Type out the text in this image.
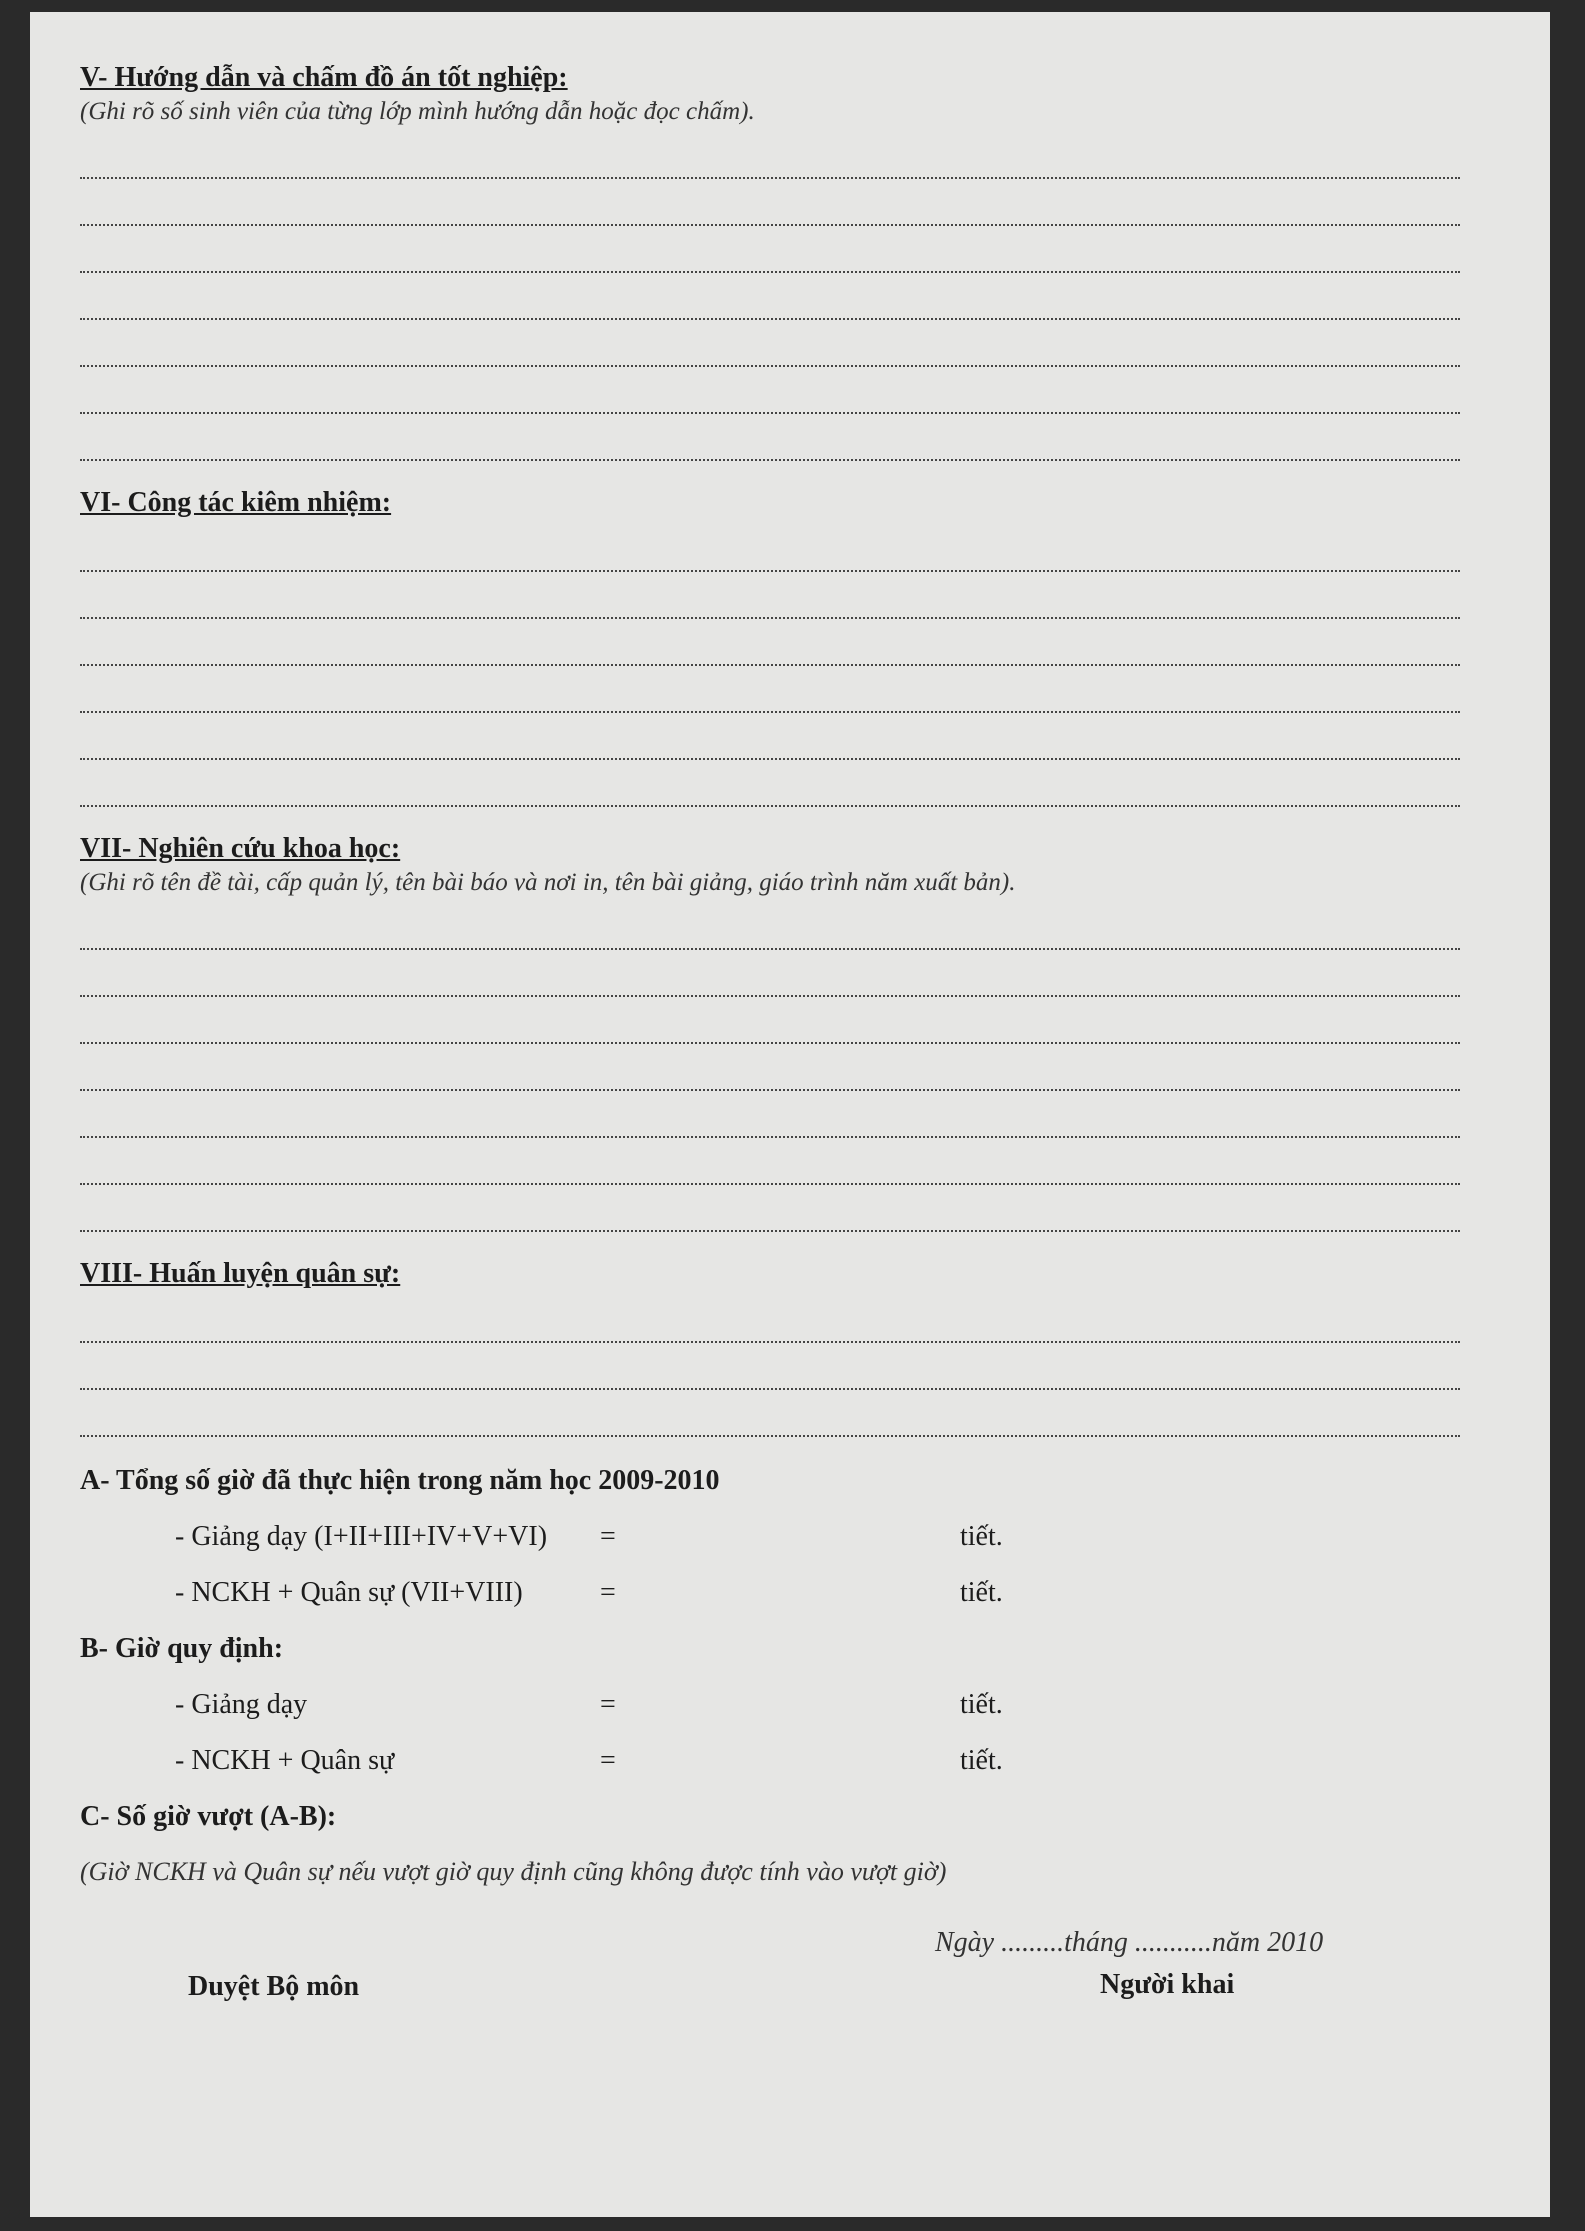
V- Hướng dẫn và chấm đồ án tốt nghiệp:

(Ghi rõ số sinh viên của từng lớp mình hướng dẫn hoặc đọc chấm).

VI- Công tác kiêm nhiệm:

VII- Nghiên cứu khoa học:

(Ghi rõ tên đề tài, cấp quản lý, tên bài báo và nơi in, tên bài giảng, giáo trình năm xuất bản).

VIII- Huấn luyện quân sự:

A- Tổng số giờ đã thực hiện trong năm học 2009-2010

- Giảng dạy (I+II+III+IV+V+VI)	=	tiết.
- NCKH + Quân sự (VII+VIII)	=	tiết.

B- Giờ quy định:

- Giảng dạy	=	tiết.
- NCKH + Quân sự	=	tiết.

C- Số giờ vượt (A-B):

(Giờ NCKH và Quân sự nếu vượt giờ quy định cũng không được tính vào vượt giờ)

Ngày .........tháng ...........năm 2010
Duyệt Bộ môn	Người khai
